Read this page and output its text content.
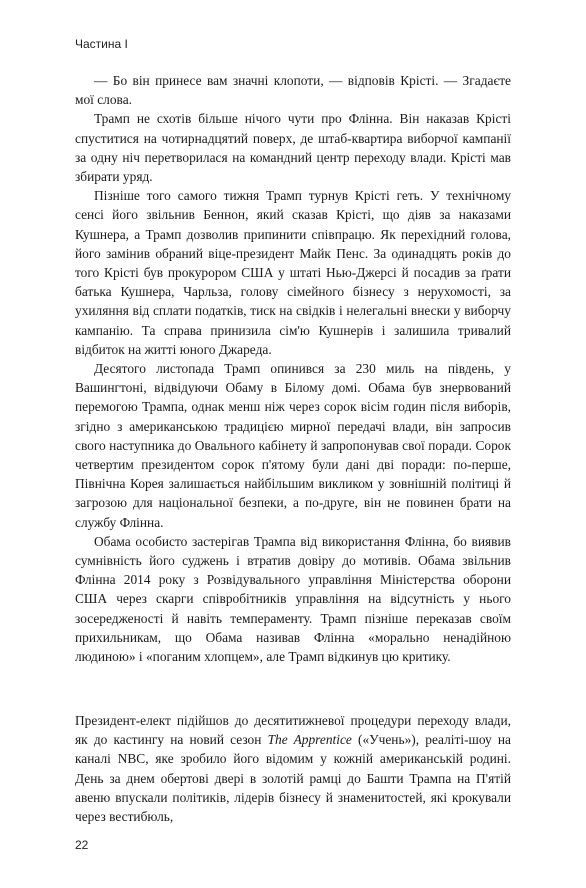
Частина I

— Бо він принесе вам значні клопоти, — відповів Крісті. — Згадаєте мої слова.

Трамп не схотів більше нічого чути про Флінна. Він наказав Крісті спуститися на чотирнадцятий поверх, де штаб-квартира виборчої кампанії за одну ніч перетворилася на командний центр переходу влади. Крісті мав збирати уряд.

Пізніше того самого тижня Трамп турнув Крісті геть. У технічному сенсі його звільнив Беннон, який сказав Крісті, що діяв за наказами Кушнера, а Трамп дозволив припинити співпрацю. Як перехідний голова, його замінив обраний віце-президент Майк Пенс. За одинадцять років до того Крісті був прокурором США у штаті Нью-Джерсі й посадив за ґрати батька Кушнера, Чарльза, голову сімейного бізнесу з нерухомості, за ухиляння від сплати податків, тиск на свідків і нелегальні внески у виборчу кампанію. Та справа принизила сім'ю Кушнерів і залишила тривалий відбиток на житті юного Джареда.

Десятого листопада Трамп опинився за 230 миль на південь, у Вашингтоні, відвідуючи Обаму в Білому домі. Обама був знервований перемогою Трампа, однак менш ніж через сорок вісім годин після виборів, згідно з американською традицією мирної передачі влади, він запросив свого наступника до Овального кабінету й запропонував свої поради. Сорок четвертим президентом сорок п'ятому були дані дві поради: по-перше, Північна Корея залишається найбільшим викликом у зовнішній політиці й загрозою для національної безпеки, а по-друге, він не повинен брати на службу Флінна.

Обама особисто застерігав Трампа від використання Флінна, бо виявив сумнівність його суджень і втратив довіру до мотивів. Обама звільнив Флінна 2014 року з Розвідувального управління Міністерства оборони США через скарги співробітників управління на відсутність у нього зосередженості й навіть темпераменту. Трамп пізніше переказав своїм прихильникам, що Обама називав Флінна «морально ненадійною людиною» і «поганим хлопцем», але Трамп відкинув цю критику.

Президент-елект підійшов до десятитижневої процедури переходу влади, як до кастингу на новий сезон The Apprentice («Учень»), реаліті-шоу на каналі NBC, яке зробило його відомим у кожній американській родині. День за днем обертові двері в золотій рамці до Башти Трампа на П'ятій авеню впускали політиків, лідерів бізнесу й знаменитостей, які крокували через вестибюль,

22
